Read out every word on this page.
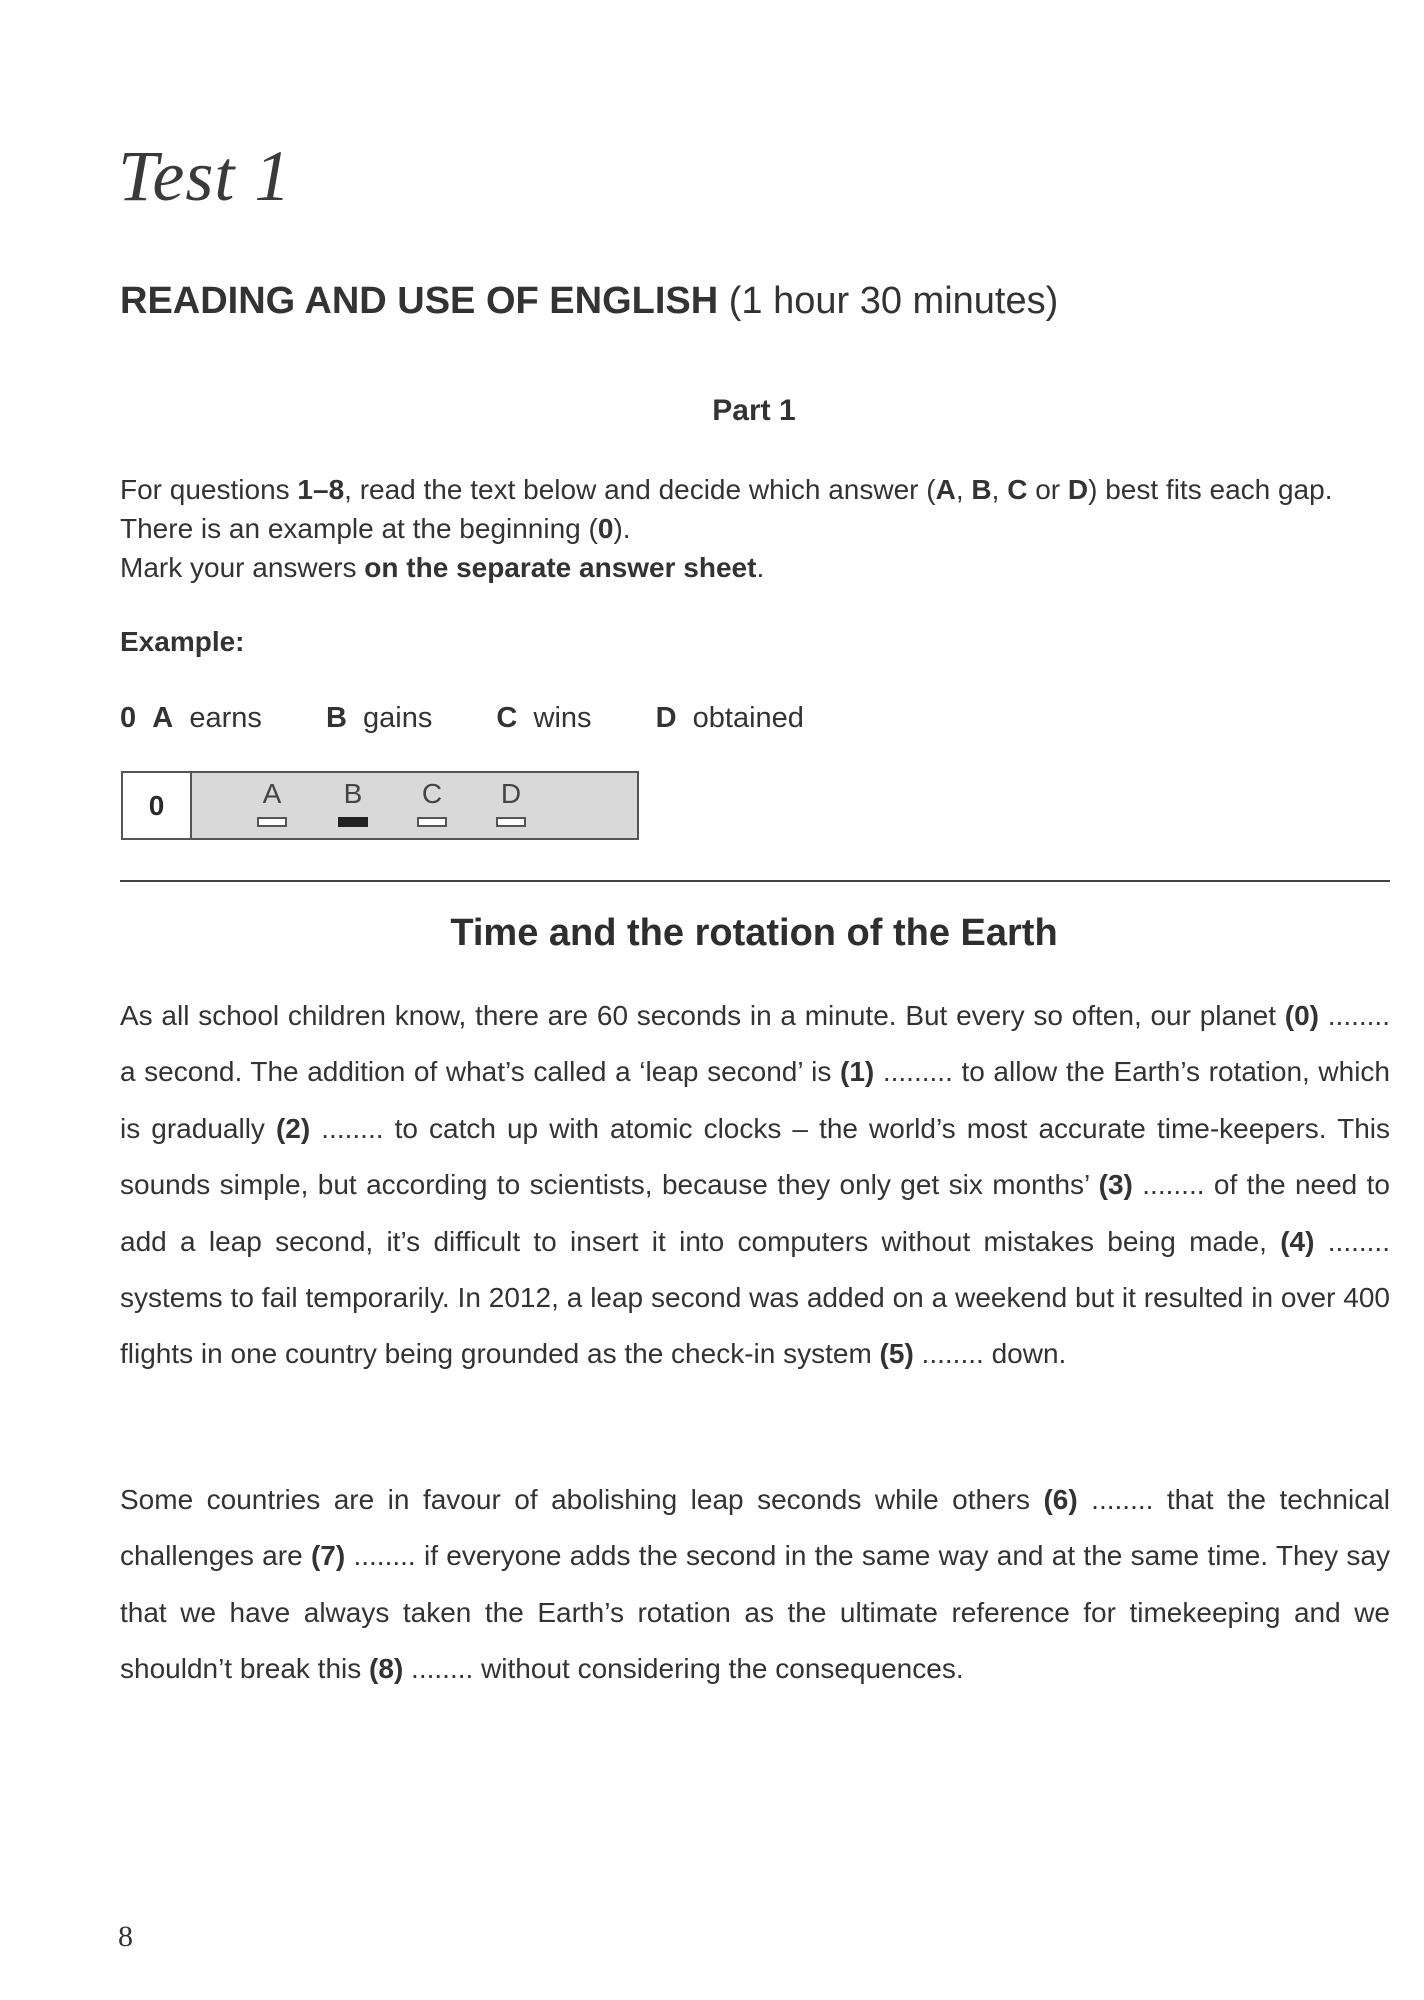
Test 1
READING AND USE OF ENGLISH (1 hour 30 minutes)
Part 1

For questions 1–8, read the text below and decide which answer (A, B, C or D) best fits each gap.

There is an example at the beginning (0).

Mark your answers on the separate answer sheet.

Example:
0 A earns B gains C wins D obtained
0	A	B	C	D
Time and the rotation of the Earth

As all school children know, there are 60 seconds in a minute. But every so often, our planet (0) ........ a second. The addition of what’s called a ‘leap second’ is (1) ......... to allow the Earth’s rotation, which is gradually (2) ........ to catch up with atomic clocks – the world’s most accurate time-keepers. This sounds simple, but according to scientists, because they only get six months’ (3) ........ of the need to add a leap second, it’s difficult to insert it into computers without mistakes being made, (4) ........ systems to fail temporarily. In 2012, a leap second was added on a weekend but it resulted in over 400 flights in one country being grounded as the check-in system (5) ........ down.

Some countries are in favour of abolishing leap seconds while others (6) ........ that the technical challenges are (7) ........ if everyone adds the second in the same way and at the same time. They say that we have always taken the Earth’s rotation as the ultimate reference for timekeeping and we shouldn’t break this (8) ........ without considering the consequences.

8
